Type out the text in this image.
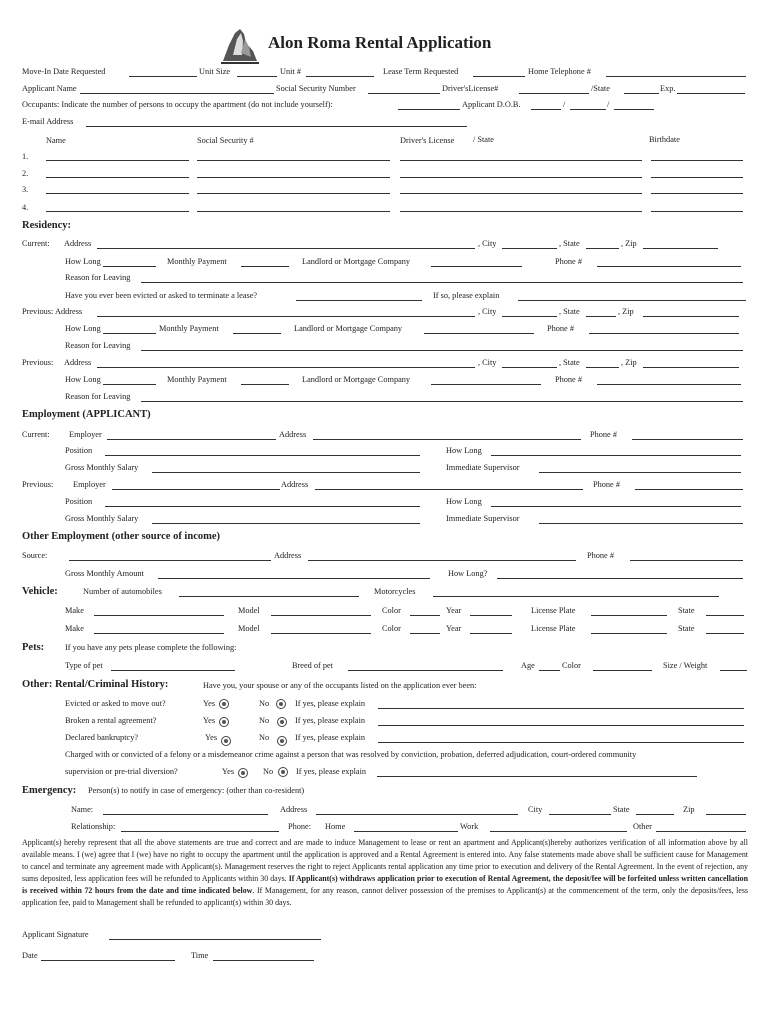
Alon Roma Rental Application
Move-In Date Requested	Unit Size	Unit #	Lease Term Requested	Home Telephone #
Applicant Name	Social Security Number	Driver'sLicense#	/State	Exp.
Occupants: Indicate the number of persons to occupy the apartment (do not include yourself):	Applicant D.O.B.	/	/
E-mail Address
Name	Social Security #	Driver's License / State	Birthdate
1.
2.
3.
4.
Residency:
Current: Address	, City	, State	, Zip
How Long	Monthly Payment	Landlord or Mortgage Company	Phone #
Reason for Leaving
Have you ever been evicted or asked to terminate a lease?	If so, please explain
Previous: Address	, City	, State	, Zip
How Long	Monthly Payment	Landlord or Mortgage Company	Phone #
Reason for Leaving
Previous: Address	, City	, State	, Zip
How Long	Monthly Payment	Landlord or Mortgage Company	Phone #
Reason for Leaving
Employment (APPLICANT)
Current: Employer	Address	Phone #
Position	How Long
Gross Monthly Salary	Immediate Supervisor
Previous: Employer	Address	Phone #
Position	How Long
Gross Monthly Salary	Immediate Supervisor
Other Employment (other source of income)
Source:	Address	Phone #
Gross Monthly Amount	How Long?
Vehicle:	Number of automobiles	Motorcycles
Make	Model	Color	Year	License Plate	State
Make	Model	Color	Year	License Plate	State
Pets:	If you have any pets please complete the following:
Type of pet	Breed of pet	Age	Color	Size / Weight
Other: Rental/Criminal History:	Have you, your spouse or any of the occupants listed on the application ever been:
Evicted or asked to move out?	Yes	No	If yes, please explain
Broken a rental agreement?	Yes	No	If yes, please explain
Declared bankruptcy?	Yes	No	If yes, please explain
Charged with or convicted of a felony or a misdemeanor crime against a person that was resolved by conviction, probation, deferred adjudication, court-ordered community
supervision or pre-trial diversion?	Yes	No	If yes, please explain
Emergency: Person(s) to notify in case of emergency: (other than co-resident)
Name:	Address	City	State	Zip
Relationship:	Phone: Home	Work	Other
Applicant(s) hereby represent that all the above statements are true and correct and are made to induce Management to lease or rent an apartment and Applicant(s)hereby authorizes verification of all information above by all available means. I (we) agree that I (we) have no right to occupy the apartment until the application is approved and a Rental Agreement is entered into. Any false statements made above shall be sufficient cause for Management to cancel and terminate any agreement made with Applicant(s). Management reserves the right to reject Applicants rental application any time prior to execution and delivery of the Rental Agreement. In the event of rejection, any sums deposited, less application fees will be refunded to Applicants within 30 days. If Applicant(s) withdraws application prior to execution of Rental Agreement, the deposit/fee will be forfeited unless written cancellation is received within 72 hours from the date and time indicated below. If Management, for any reason, cannot deliver possession of the premises to Applicant(s) at the commencement of the term, only the deposits/fees, less application fee, paid to Management shall be refunded to applicant(s) within 30 days.
Applicant Signature
Date	Time
